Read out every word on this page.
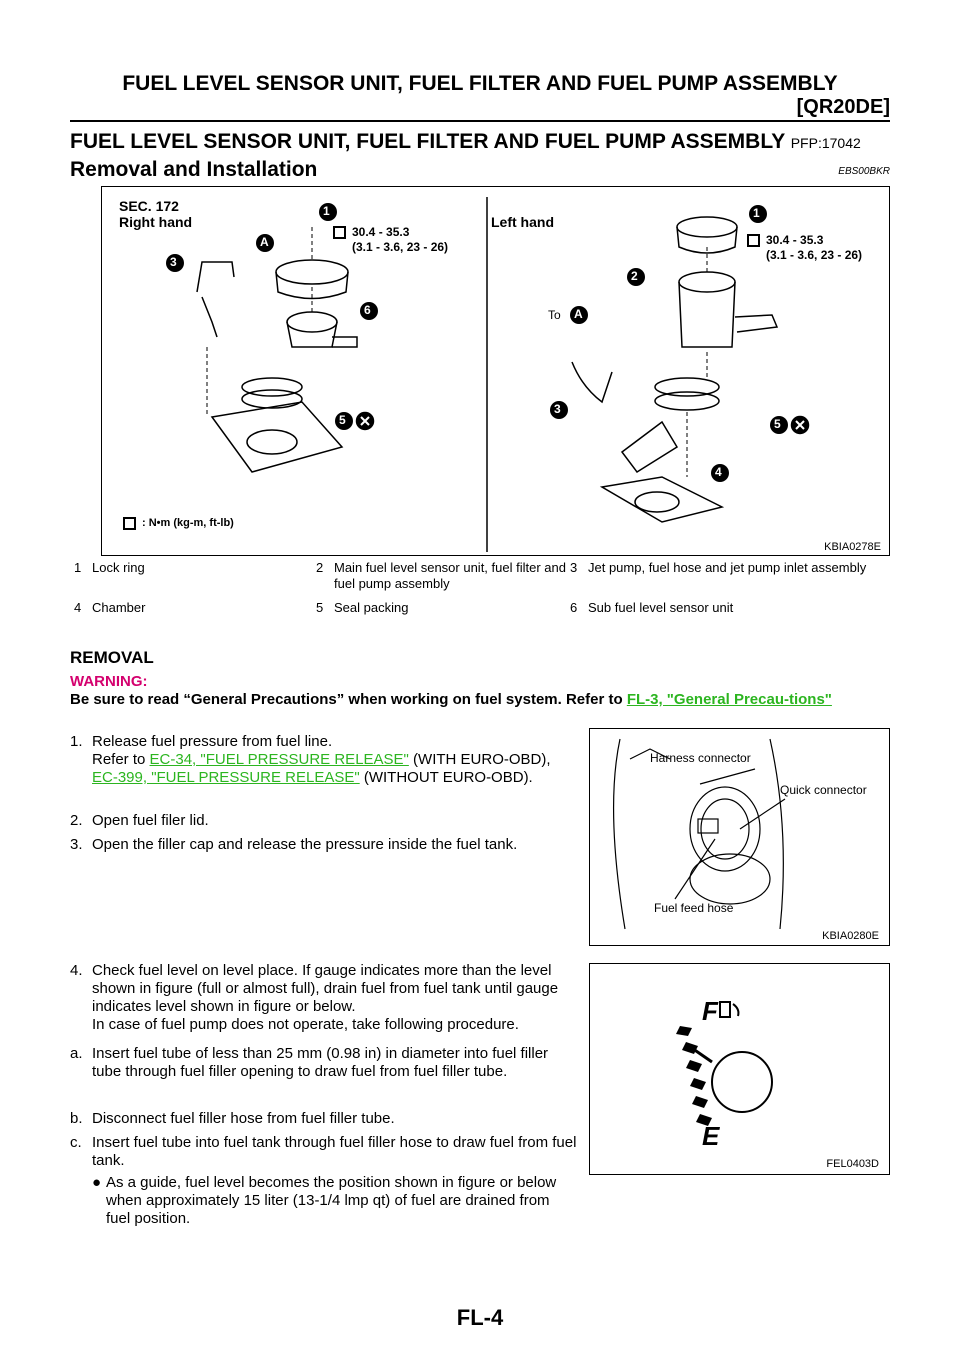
FUEL LEVEL SENSOR UNIT, FUEL FILTER AND FUEL PUMP ASSEMBLY
[QR20DE]
FUEL LEVEL SENSOR UNIT, FUEL FILTER AND FUEL PUMP ASSEMBLY PFP:17042
Removal and Installation	EBS00BKR
SEC. 172
Right hand	Left hand
30.4 - 35.3
(3.1 - 3.6, 23 - 26)	30.4 - 35.3
(3.1 - 3.6, 23 - 26)
To
: N•m (kg-m, ft-lb)
KBIA0278E
1
A
3
6
5
1
2
A
3
5
4
1	Lock ring	2	Main fuel level sensor unit, fuel filter and fuel pump assembly	3	Jet pump, fuel hose and jet pump inlet assembly
4	Chamber	5	Seal packing	6	Sub fuel level sensor unit
REMOVAL
WARNING:
Be sure to read “General Precautions” when working on fuel system. Refer to FL-3, "General Precau-tions"
1. Release fuel pressure from fuel line.
Refer to EC-34, "FUEL PRESSURE RELEASE" (WITH EURO-OBD), EC-399, "FUEL PRESSURE RELEASE" (WITHOUT EURO-OBD).
2. Open fuel filer lid.
3. Open the filler cap and release the pressure inside the fuel tank.
4. Check fuel level on level place. If gauge indicates more than the level shown in figure (full or almost full), drain fuel from fuel tank until gauge indicates level shown in figure or below.
In case of fuel pump does not operate, take following procedure.
a. Insert fuel tube of less than 25 mm (0.98 in) in diameter into fuel filler tube through fuel filler opening to draw fuel from fuel filler tube.
b. Disconnect fuel filler hose from fuel filler tube.
c. Insert fuel tube into fuel tank through fuel filler hose to draw fuel from fuel tank.
● As a guide, fuel level becomes the position shown in figure or below when approximately 15 liter (13-1/4 lmp qt) of fuel are drained from fuel position.
Harness connector
Quick connector
Fuel feed hose
KBIA0280E
F
E
FEL0403D
FL-4
